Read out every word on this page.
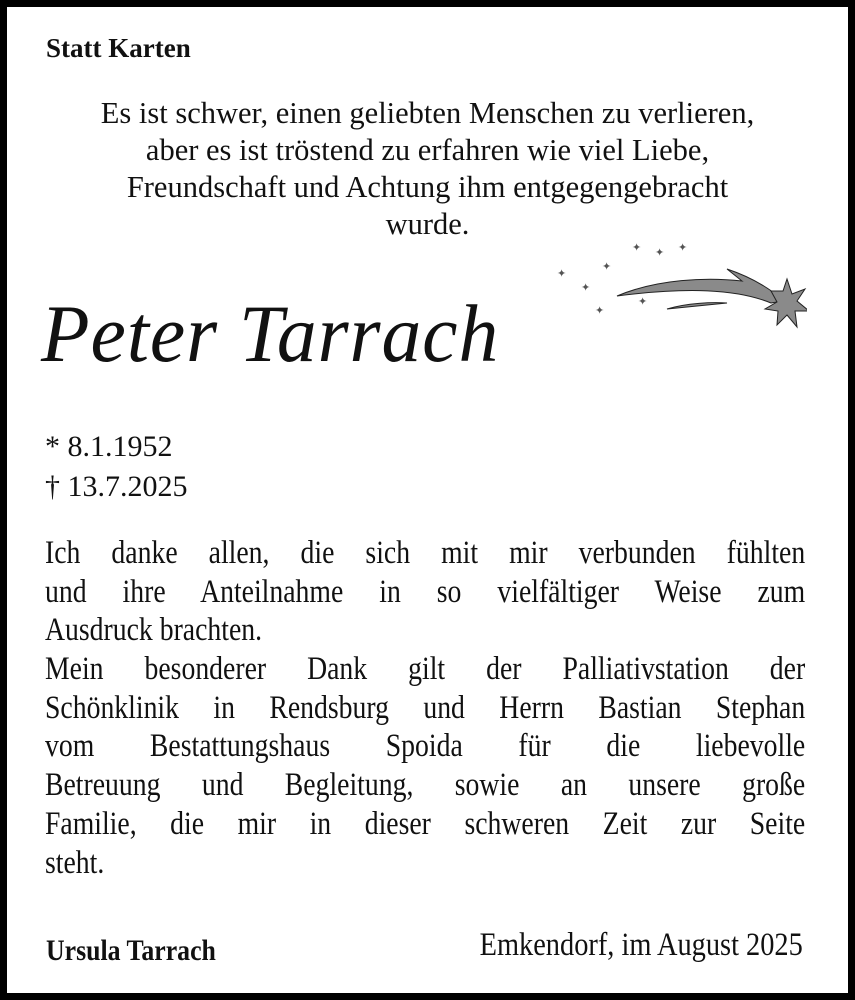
Statt Karten
Es ist schwer, einen geliebten Menschen zu verlieren,
aber es ist tröstend zu erfahren wie viel Liebe,
Freundschaft und Achtung ihm entgegengebracht
wurde.
✦ ✦ ✦
✦
✦
✦
✦
✦
Peter Tarrach
* 8.1.1952
† 13.7.2025
Ich danke allen, die sich mit mir verbunden fühlten
und ihre Anteilnahme in so vielfältiger Weise zum
Ausdruck brachten.
Mein besonderer Dank gilt der Palliativstation der
Schönklinik in Rendsburg und Herrn Bastian Stephan
vom Bestattungshaus Spoida für die liebevolle
Betreuung und Begleitung, sowie an unsere große
Familie, die mir in dieser schweren Zeit zur Seite
steht.
Ursula Tarrach	Emkendorf, im August 2025
